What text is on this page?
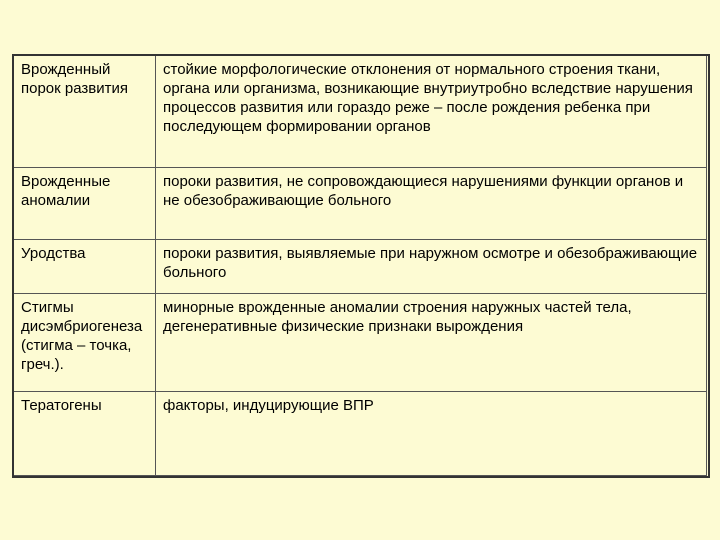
Врожденный порок развития	стойкие морфологические отклонения от нормального строения ткани, органа или организма, возникающие внутриутробно вследствие нарушения процессов развития или гораздо реже – после рождения ребенка при последующем формировании органов
Врожденные аномалии	пороки развития, не сопровождающиеся нарушениями функции органов и не обезображивающие больного
Уродства	пороки развития, выявляемые при наружном осмотре и обезображивающие больного
Стигмы дисэмбриогенеза (стигма – точка, греч.).	минорные врожденные аномалии строения наружных частей тела, дегенеративные физические признаки вырождения
Тератогены	факторы, индуцирующие ВПР
